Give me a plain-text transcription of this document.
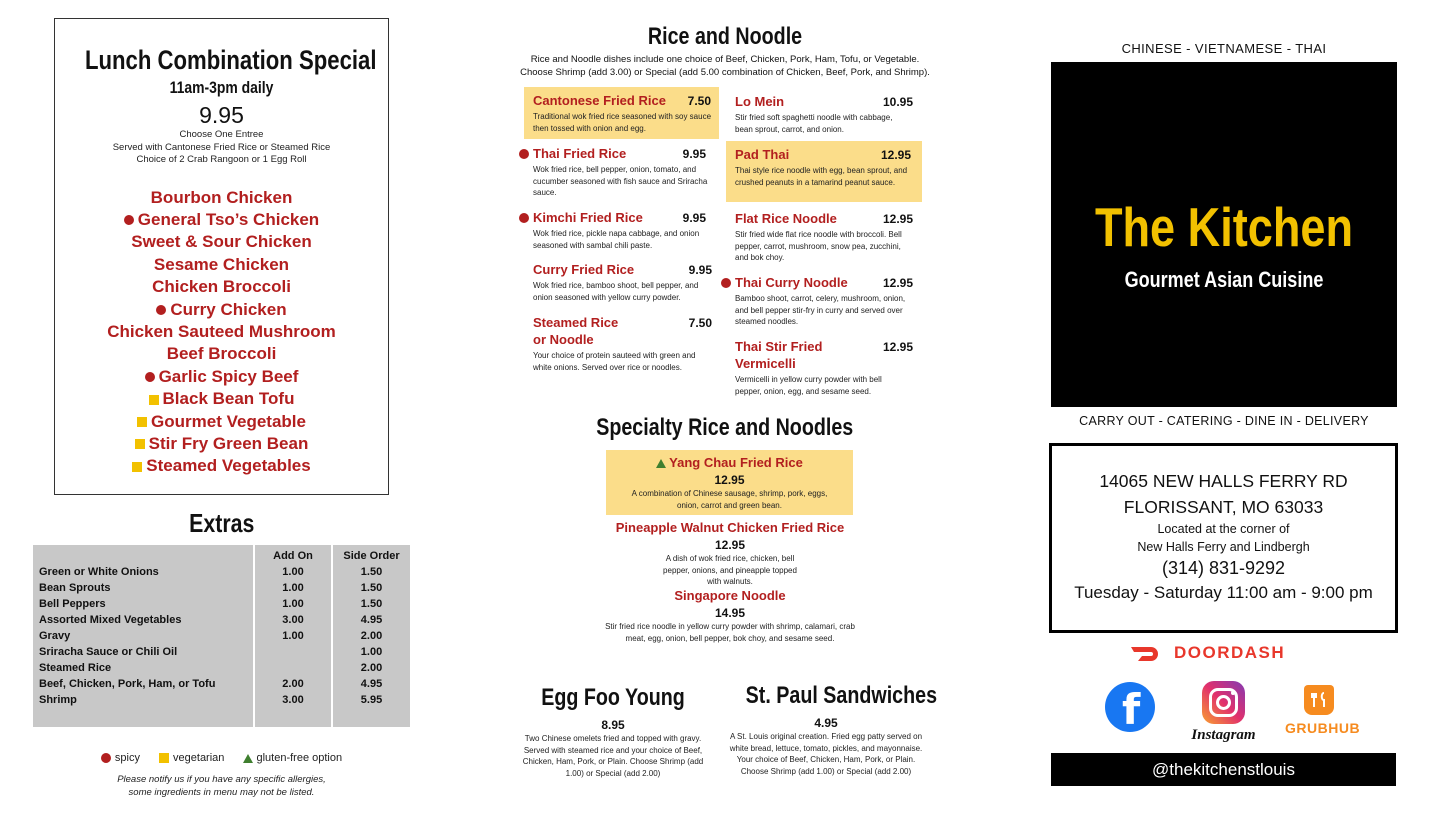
Lunch Combination Special
11am-3pm daily
9.95
Choose One Entree
Served with Cantonese Fried Rice or Steamed Rice
Choice of 2 Crab Rangoon or 1 Egg Roll
Bourbon Chicken
General Tso’s Chicken
Sweet & Sour Chicken
Sesame Chicken
Chicken Broccoli
Curry Chicken
Chicken Sauteed Mushroom
Beef Broccoli
Garlic Spicy Beef
Black Bean Tofu
Gourmet Vegetable
Stir Fry Green Bean
Steamed Vegetables
Extras
	Add On	Side Order
Green or White Onions	1.00	1.50
Bean Sprouts	1.00	1.50
Bell Peppers	1.00	1.50
Assorted Mixed Vegetables	3.00	4.95
Gravy	1.00	2.00
Sriracha Sauce or Chili Oil		1.00
Steamed Rice		2.00
Beef, Chicken, Pork, Ham, or Tofu	2.00	4.95
Shrimp	3.00	5.95

spicy	vegetarian	gluten-free option
Please notify us if you have any specific allergies,
some ingredients in menu may not be listed.
Rice and Noodle
Rice and Noodle dishes include one choice of Beef, Chicken, Pork, Ham, Tofu, or Vegetable.
Choose Shrimp (add 3.00) or Special (add 5.00 combination of Chicken, Beef, Pork, and Shrimp).
Cantonese Fried Rice	7.50
Traditional wok fried rice seasoned with soy sauce then tossed with onion and egg.
Thai Fried Rice	9.95
Wok fried rice, bell pepper, onion, tomato, and cucumber seasoned with fish sauce and Sriracha sauce.
Kimchi Fried Rice	9.95
Wok fried rice, pickle napa cabbage, and onion seasoned with sambal chili paste.
Curry Fried Rice	9.95
Wok fried rice, bamboo shoot, bell pepper, and onion seasoned with yellow curry powder.
Steamed Rice or Noodle
7.50
Your choice of protein sauteed with green and white onions. Served over rice or noodles.
Lo Mein	10.95
Stir fried soft spaghetti noodle with cabbage, bean sprout, carrot, and onion.
Pad Thai	12.95
Thai style rice noodle with egg, bean sprout, and crushed peanuts in a tamarind peanut sauce.
Flat Rice Noodle	12.95
Stir fried wide flat rice noodle with broccoli. Bell pepper, carrot, mushroom, snow pea, zucchini, and bok choy.
Thai Curry Noodle	12.95
Bamboo shoot, carrot, celery, mushroom, onion, and bell pepper stir-fry in curry and served over steamed noodles.
Thai Stir Fried Vermicelli
12.95
Vermicelli in yellow curry powder with bell pepper, onion, egg, and sesame seed.
Specialty Rice and Noodles
Yang Chau Fried Rice
12.95
A combination of Chinese sausage, shrimp, pork, eggs, onion, carrot and green bean.
Pineapple Walnut Chicken Fried Rice
12.95
A dish of wok fried rice, chicken, bell pepper, onions, and pineapple topped with walnuts.
Singapore Noodle
14.95
Stir fried rice noodle in yellow curry powder with shrimp, calamari, crab meat, egg, onion, bell pepper, bok choy, and sesame seed.
Egg Foo Young
8.95
Two Chinese omelets fried and topped with gravy. Served with steamed rice and your choice of Beef, Chicken, Ham, Pork, or Plain. Choose Shrimp (add 1.00) or Special (add 2.00)
St. Paul Sandwiches
4.95
A St. Louis original creation. Fried egg patty served on white bread, lettuce, tomato, pickles, and mayonnaise. Your choice of Beef, Chicken, Ham, Pork, or Plain. Choose Shrimp (add 1.00) or Special (add 2.00)
CHINESE - VIETNAMESE - THAI
The Kitchen
Gourmet Asian Cuisine
CARRY OUT - CATERING - DINE IN - DELIVERY
14065 NEW HALLS FERRY RD
FLORISSANT, MO 63033
Located at the corner of
New Halls Ferry and Lindbergh
(314) 831-9292
Tuesday - Saturday 11:00 am - 9:00 pm
DOORDASH
f
Instagram	GRUBHUB
@thekitchenstlouis
